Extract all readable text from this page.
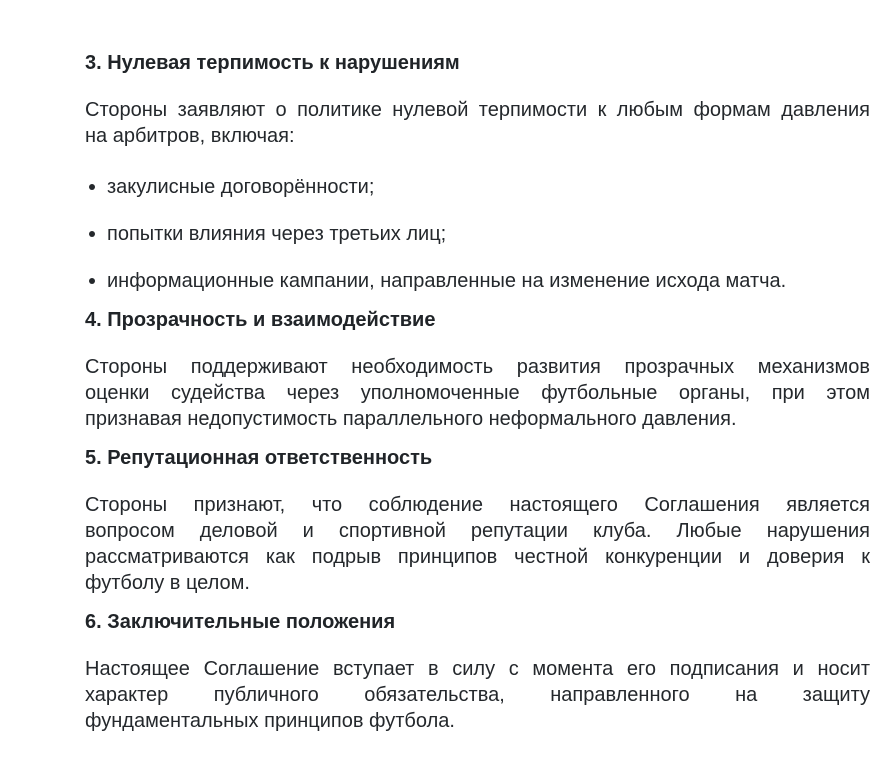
3. Нулевая терпимость к нарушениям
Стороны заявляют о политике нулевой терпимости к любым формам давления
на арбитров, включая:
закулисные договорённости;
попытки влияния через третьих лиц;
информационные кампании, направленные на изменение исхода матча.
4. Прозрачность и взаимодействие
Стороны поддерживают необходимость развития прозрачных механизмов
оценки судейства через уполномоченные футбольные органы, при этом
признавая недопустимость параллельного неформального давления.
5. Репутационная ответственность
Стороны признают, что соблюдение настоящего Соглашения является
вопросом деловой и спортивной репутации клуба. Любые нарушения
рассматриваются как подрыв принципов честной конкуренции и доверия к
футболу в целом.
6. Заключительные положения
Настоящее Соглашение вступает в силу с момента его подписания и носит
характер публичного обязательства, направленного на защиту
фундаментальных принципов футбола.
